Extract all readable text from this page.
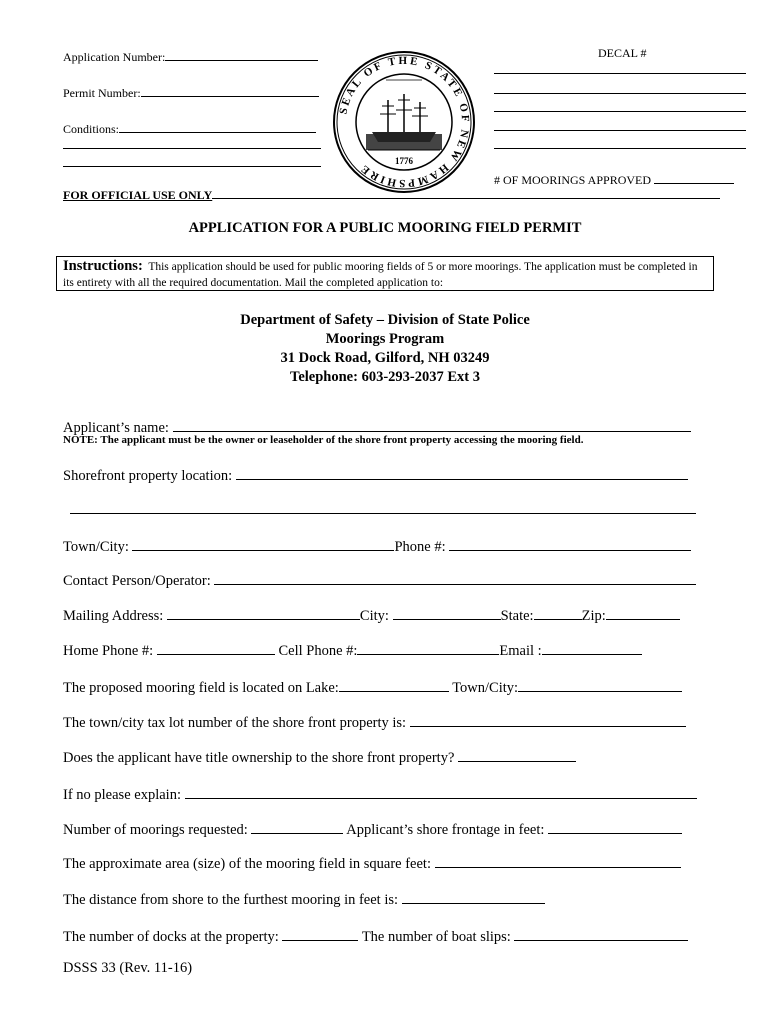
Application Number:
Permit Number:
Conditions:
SEAL OF THE STATE OF NEW HAMPSHIRE	1776
DECAL #
# OF MOORINGS APPROVED
FOR OFFICIAL USE ONLY
APPLICATION FOR A PUBLIC MOORING FIELD PERMIT
Instructions: This application should be used for public mooring fields of 5 or more moorings. The application must be completed in its entirety with all the required documentation. Mail the completed application to:
Department of Safety – Division of State Police
Moorings Program
31 Dock Road, Gilford, NH 03249
Telephone: 603-293-2037 Ext 3
Applicant’s name:
NOTE: The applicant must be the owner or leaseholder of the shore front property accessing the mooring field.
Shorefront property location:
Town/City:	Phone #:
Contact Person/Operator:
Mailing Address:	City:	State:	Zip:
Home Phone #:	Cell Phone #:	Email :
The proposed mooring field is located on Lake:	Town/City:
The town/city tax lot number of the shore front property is:
Does the applicant have title ownership to the shore front property?
If no please explain:
Number of moorings requested:	Applicant’s shore frontage in feet:
The approximate area (size) of the mooring field in square feet:
The distance from shore to the furthest mooring in feet is:
The number of docks at the property:	The number of boat slips:
DSSS 33 (Rev. 11-16)
